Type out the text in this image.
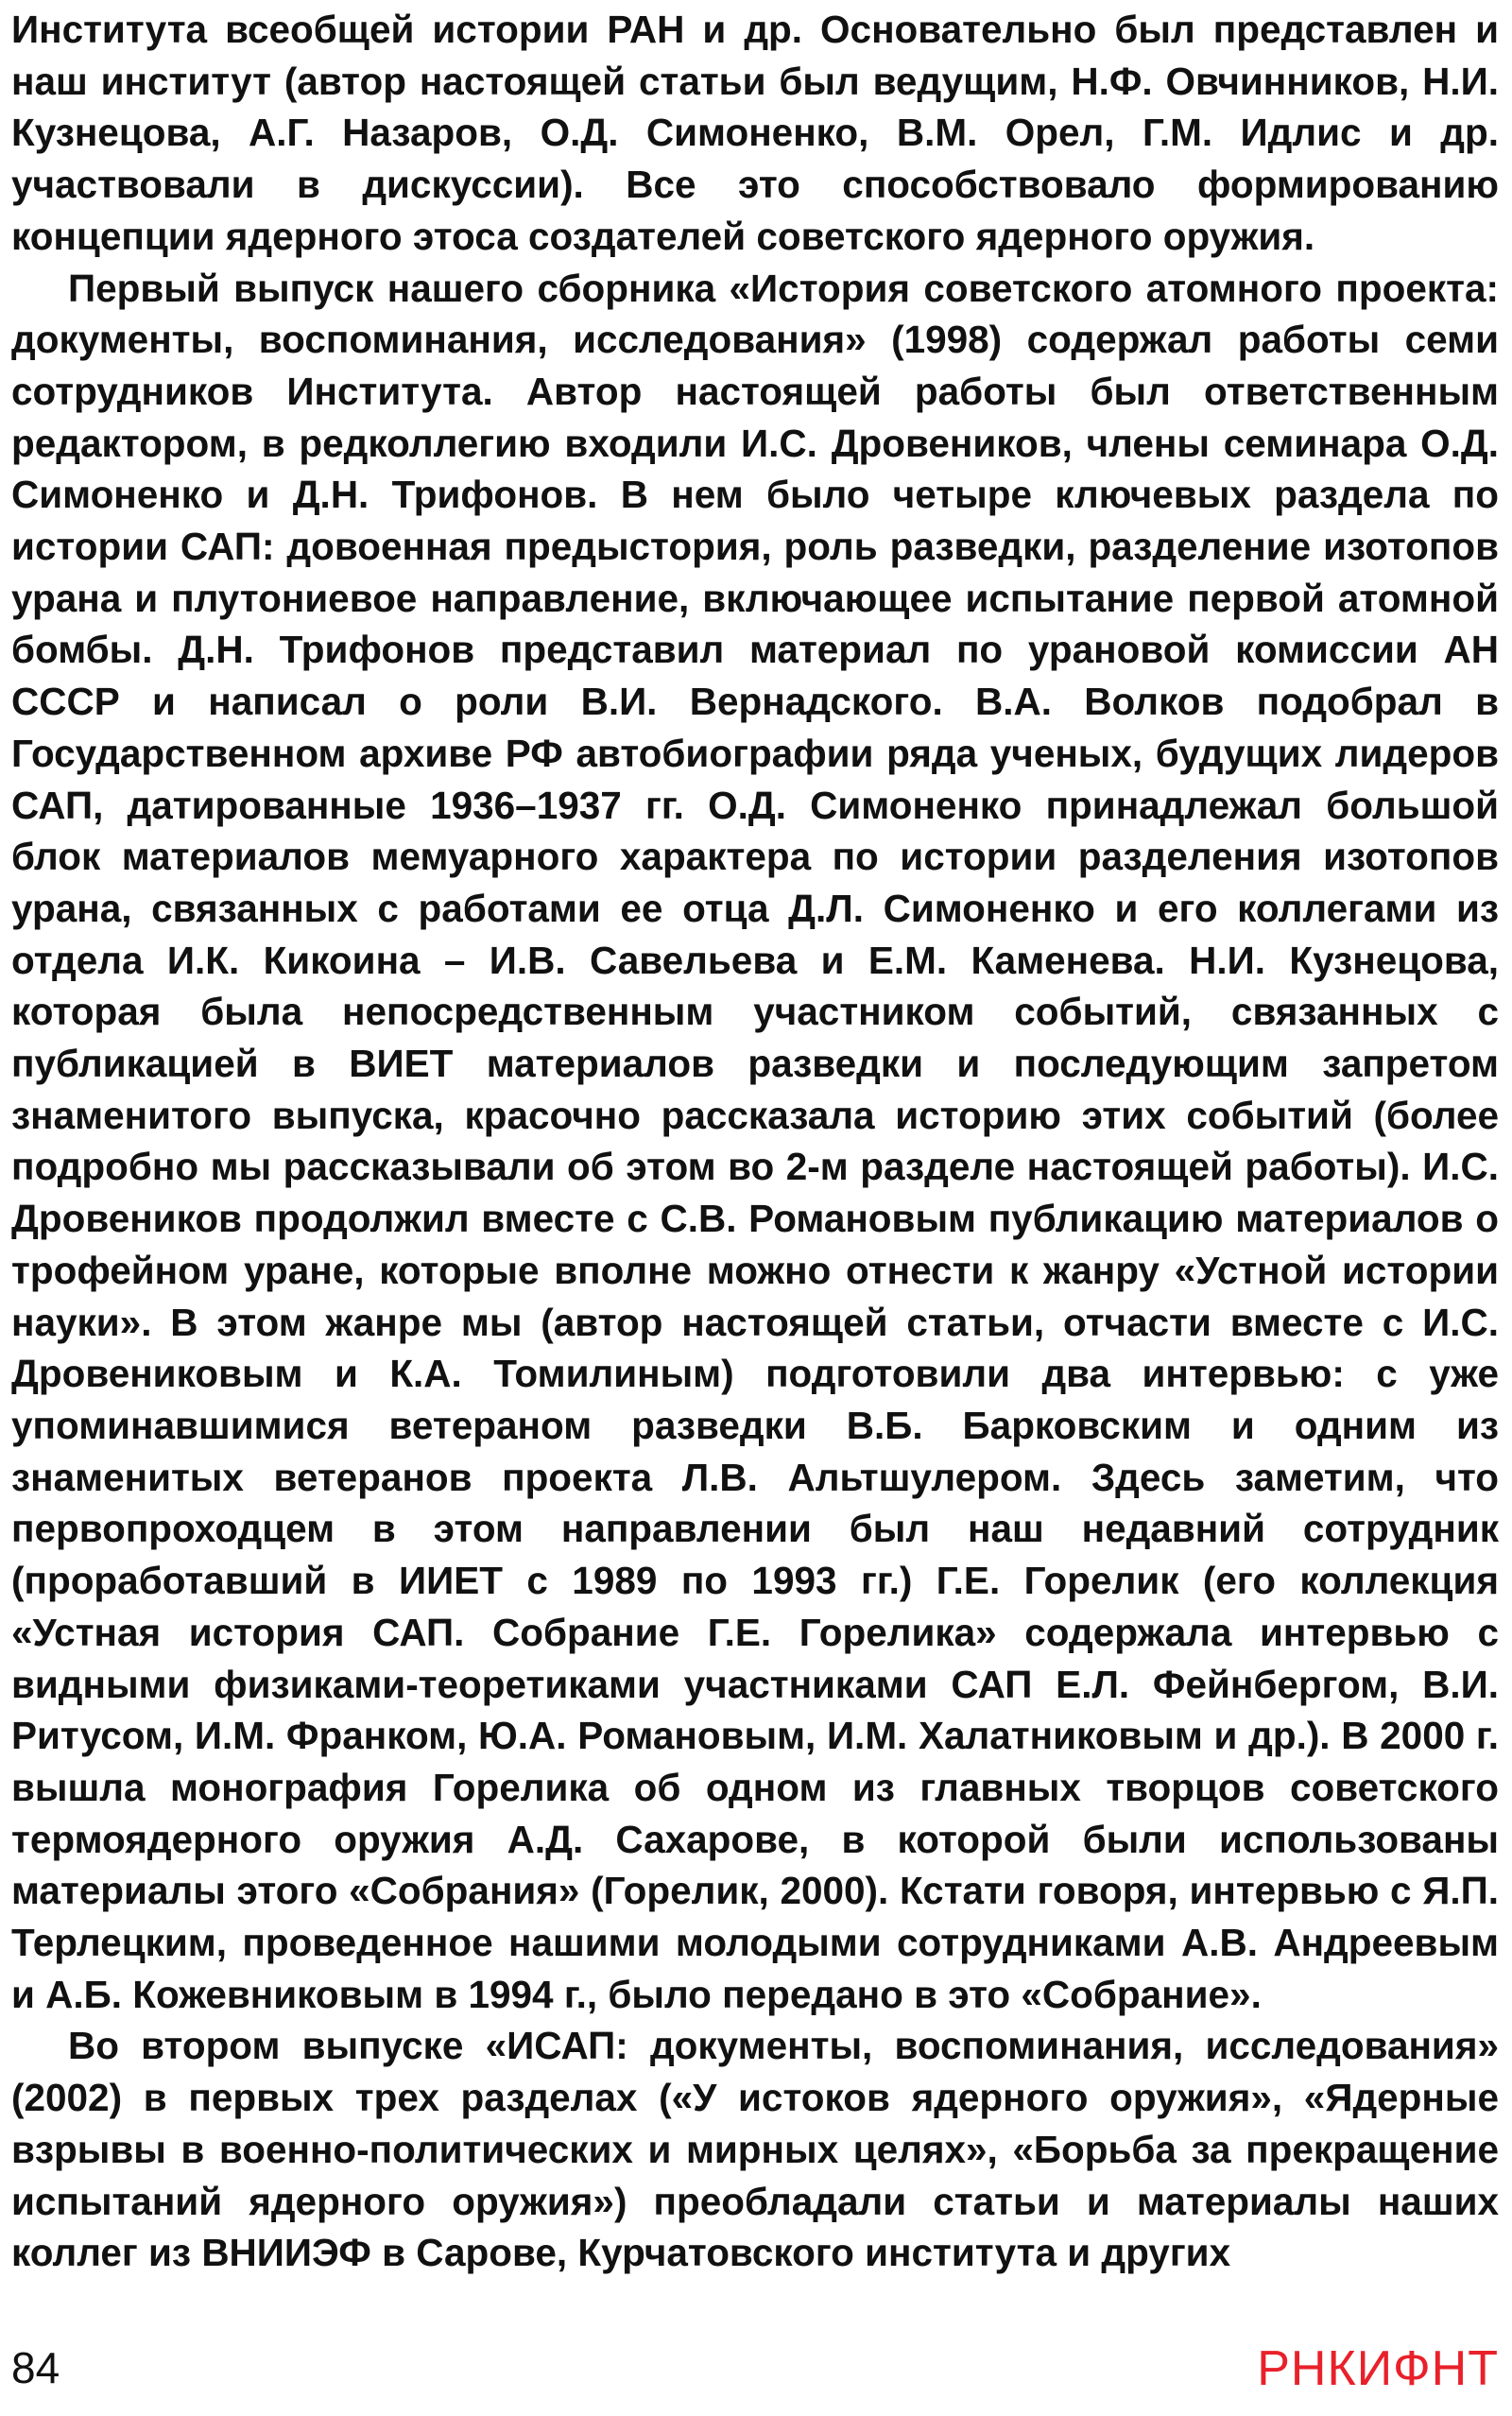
Института всеобщей истории РАН и др. Основательно был представлен и наш институт (автор настоящей статьи был ведущим, Н.Ф. Овчинников, Н.И. Кузнецова, А.Г. Назаров, О.Д. Симоненко, В.М. Орел, Г.М. Идлис и др. участвовали в дискуссии). Все это способствовало формированию концепции ядерного этоса создателей советского ядерного оружия.

Первый выпуск нашего сборника «История советского атомного проекта: документы, воспоминания, исследования» (1998) содержал работы семи сотрудников Института. Автор настоящей работы был ответственным редактором, в редколлегию входили И.С. Дровеников, члены семинара О.Д. Симоненко и Д.Н. Трифонов. В нем было четыре ключевых раздела по истории САП: довоенная предыстория, роль разведки, разделение изотопов урана и плутониевое направление, включающее испытание первой атомной бомбы. Д.Н. Трифонов представил материал по урановой комиссии АН СССР и написал о роли В.И. Вернадского. В.А. Волков подобрал в Государственном архиве РФ автобиографии ряда ученых, будущих лидеров САП, датированные 1936–1937 гг. О.Д. Симоненко принадлежал большой блок материалов мемуарного характера по истории разделения изотопов урана, связанных с работами ее отца Д.Л. Симоненко и его коллегами из отдела И.К. Кикоина – И.В. Савельева и Е.М. Каменева. Н.И. Кузнецова, которая была непосредственным участником событий, связанных с публикацией в ВИЕТ материалов разведки и последующим запретом знаменитого выпуска, красочно рассказала историю этих событий (более подробно мы рассказывали об этом во 2-м разделе настоящей работы). И.С. Дровеников продолжил вместе с С.В. Романовым публикацию материалов о трофейном уране, которые вполне можно отнести к жанру «Устной истории науки». В этом жанре мы (автор настоящей статьи, отчасти вместе с И.С. Дровениковым и К.А. Томилиным) подготовили два интервью: с уже упоминавшимися ветераном разведки В.Б. Барковским и одним из знаменитых ветеранов проекта Л.В. Альтшулером. Здесь заметим, что первопроходцем в этом направлении был наш недавний сотрудник (проработавший в ИИЕТ с 1989 по 1993 гг.) Г.Е. Горелик (его коллекция «Устная история САП. Собрание Г.Е. Горелика» содержала интервью с видными физиками-теоретиками участниками САП Е.Л. Фейнбергом, В.И. Ритусом, И.М. Франком, Ю.А. Романовым, И.М. Халатниковым и др.). В 2000 г. вышла монография Горелика об одном из главных творцов советского термоядерного оружия А.Д. Сахарове, в которой были использованы материалы этого «Собрания» (Горелик, 2000). Кстати говоря, интервью с Я.П. Терлецким, проведенное нашими молодыми сотрудниками А.В. Андреевым и А.Б. Кожевниковым в 1994 г., было передано в это «Собрание».

Во втором выпуске «ИСАП: документы, воспоминания, исследования» (2002) в первых трех разделах («У истоков ядерного оружия», «Ядерные взрывы в военно-политических и мирных целях», «Борьба за прекращение испытаний ядерного оружия») преобладали статьи и материалы наших коллег из ВНИИЭФ в Сарове, Курчатовского института и других

84	РНКИФНТ
